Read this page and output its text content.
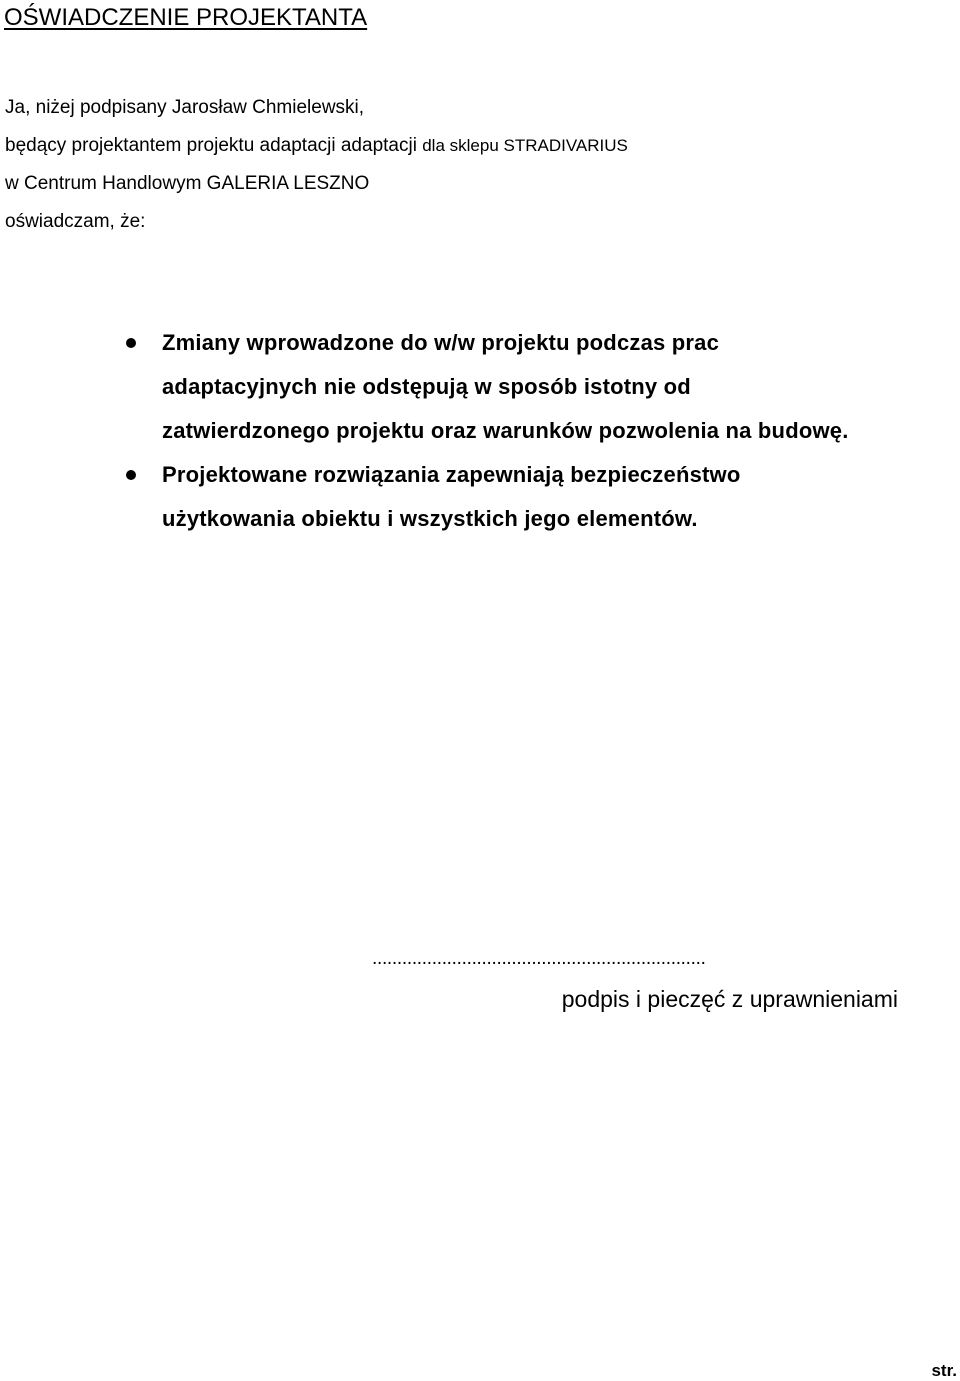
OŚWIADCZENIE PROJEKTANTA
Ja, niżej podpisany Jarosław Chmielewski,
będący projektantem projektu adaptacji adaptacji dla sklepu STRADIVARIUS
w Centrum Handlowym GALERIA LESZNO
oświadczam, że:
Zmiany wprowadzone do w/w projektu podczas prac adaptacyjnych nie odstępują w sposób istotny od zatwierdzonego projektu oraz warunków pozwolenia na budowę.
Projektowane rozwiązania zapewniają bezpieczeństwo użytkowania obiektu i wszystkich jego elementów.
...................................................................
podpis i pieczęć z uprawnieniami
str.
